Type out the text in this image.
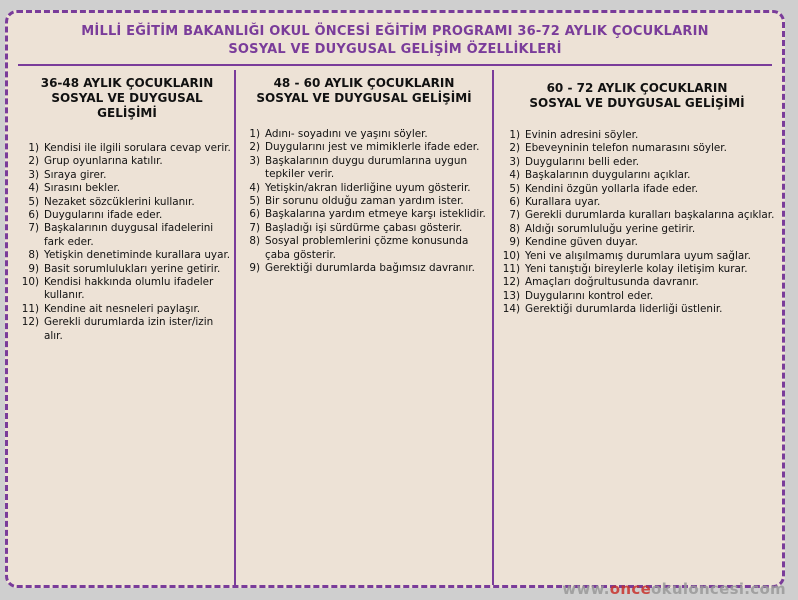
MİLLİ EĞİTİM BAKANLIĞI OKUL ÖNCESİ EĞİTİM PROGRAMI 36-72 AYLIK ÇOCUKLARIN
SOSYAL VE DUYGUSAL GELİŞİM ÖZELLİKLERİ
36-48 AYLIK ÇOCUKLARIN
SOSYAL VE DUYGUSAL
GELİŞİMİ
1) Kendisi ile ilgili sorulara cevap verir.
2) Grup oyunlarına katılır.
3) Sıraya girer.
4) Sırasını bekler.
5) Nezaket sözcüklerini kullanır.
6) Duygularını ifade eder.
7) Başkalarının duygusal ifadelerini fark eder.
8) Yetişkin denetiminde kurallara uyar.
9) Basit sorumlulukları yerine getirir.
10) Kendisi hakkında olumlu ifadeler kullanır.
11) Kendine ait nesneleri paylaşır.
12) Gerekli durumlarda izin ister/izin alır.
48 - 60 AYLIK ÇOCUKLARIN
SOSYAL VE DUYGUSAL GELİŞİMİ
1) Adını- soyadını ve yaşını söyler.
2) Duygularını jest ve mimiklerle ifade eder.
3) Başkalarının duygu durumlarına uygun tepkiler verir.
4) Yetişkin/akran liderliğine uyum gösterir.
5) Bir sorunu olduğu zaman yardım ister.
6) Başkalarına yardım etmeye karşı isteklidir.
7) Başladığı işi sürdürme çabası gösterir.
8) Sosyal problemlerini çözme konusunda çaba gösterir.
9) Gerektiği durumlarda bağımsız davranır.
60 - 72 AYLIK ÇOCUKLARIN
SOSYAL VE DUYGUSAL GELİŞİMİ
1) Evinin adresini söyler.
2) Ebeveyninin telefon numarasını söyler.
3) Duygularını belli eder.
4) Başkalarının duygularını açıklar.
5) Kendini özgün yollarla ifade eder.
6) Kurallara uyar.
7) Gerekli durumlarda kuralları başkalarına açıklar.
8) Aldığı sorumluluğu yerine getirir.
9) Kendine güven duyar.
10) Yeni ve alışılmamış durumlara uyum sağlar.
11) Yeni tanıştığı bireylerle kolay iletişim kurar.
12) Amaçları doğrultusunda davranır.
13) Duygularını kontrol eder.
14) Gerektiği durumlarda liderliği üstlenir.
www.onceokuloncesi.com
